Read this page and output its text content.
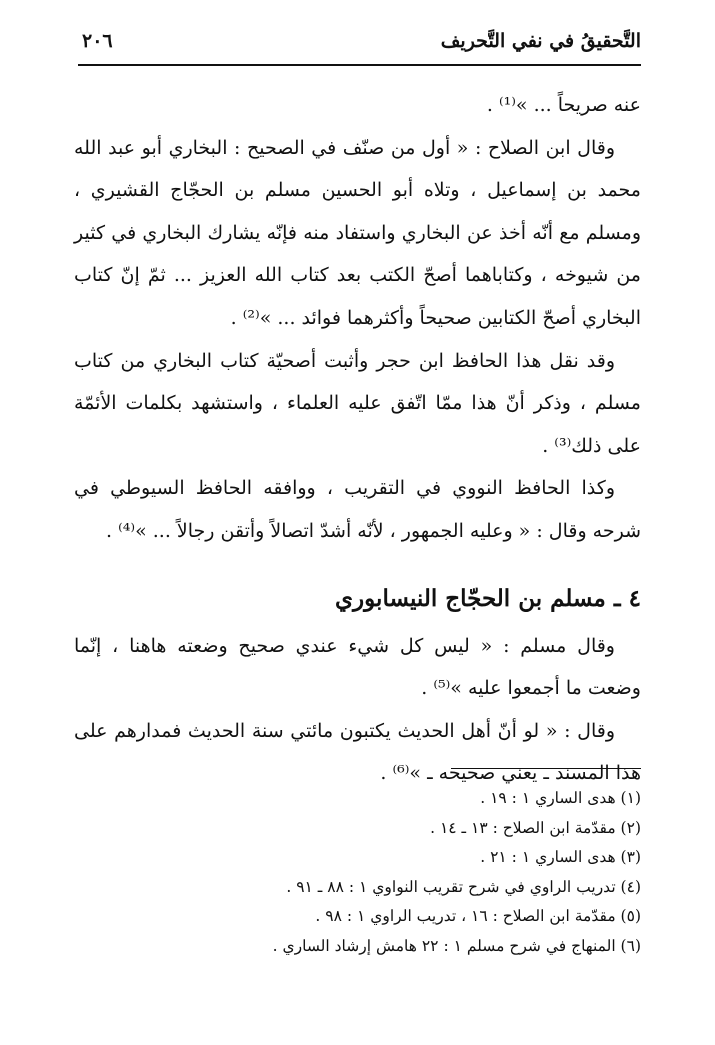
التَّحقيقُ في نفي التَّحريف
٢٠٦

عنه صريحاً ... »⁽¹⁾ .

وقال ابن الصلاح : « أول من صنّف في الصحيح : البخاري أبو عبد الله محمد بن إسماعيل ، وتلاه أبو الحسين مسلم بن الحجّاج القشيري ، ومسلم مع أنّه أخذ عن البخاري واستفاد منه فإنّه يشارك البخاري في كثير من شيوخه ، وكتاباهما أصحّ الكتب بعد كتاب الله العزيز ... ثمّ إنّ كتاب البخاري أصحّ الكتابين صحيحاً وأكثرهما فوائد ... »⁽²⁾ .

وقد نقل هذا الحافظ ابن حجر وأثبت أصحيّة كتاب البخاري من كتاب مسلم ، وذكر أنّ هذا ممّا اتّفق عليه العلماء ، واستشهد بكلمات الأئمّة على ذلك⁽³⁾ .

وكذا الحافظ النووي في التقريب ، ووافقه الحافظ السيوطي في شرحه وقال : « وعليه الجمهور ، لأنّه أشدّ اتصالاً وأتقن رجالاً ... »⁽⁴⁾ .

٤ ـ مسلم بن الحجّاج النيسابوري

وقال مسلم : « ليس كل شيء عندي صحيح وضعته هاهنا ، إنّما وضعت ما أجمعوا عليه »⁽⁵⁾ .

وقال : « لو أنّ أهل الحديث يكتبون مائتي سنة الحديث فمدارهم على هذا المسند ـ يعني صحيحه ـ »⁽⁶⁾ .

(١) هدى الساري ١ : ١٩ .
(٢) مقدّمة ابن الصلاح : ١٣ ـ ١٤ .
(٣) هدى الساري ١ : ٢١ .
(٤) تدريب الراوي في شرح تقريب النواوي ١ : ٨٨ ـ ٩١ .
(٥) مقدّمة ابن الصلاح : ١٦ ، تدريب الراوي ١ : ٩٨ .
(٦) المنهاج في شرح مسلم ١ : ٢٢ هامش إرشاد الساري .
